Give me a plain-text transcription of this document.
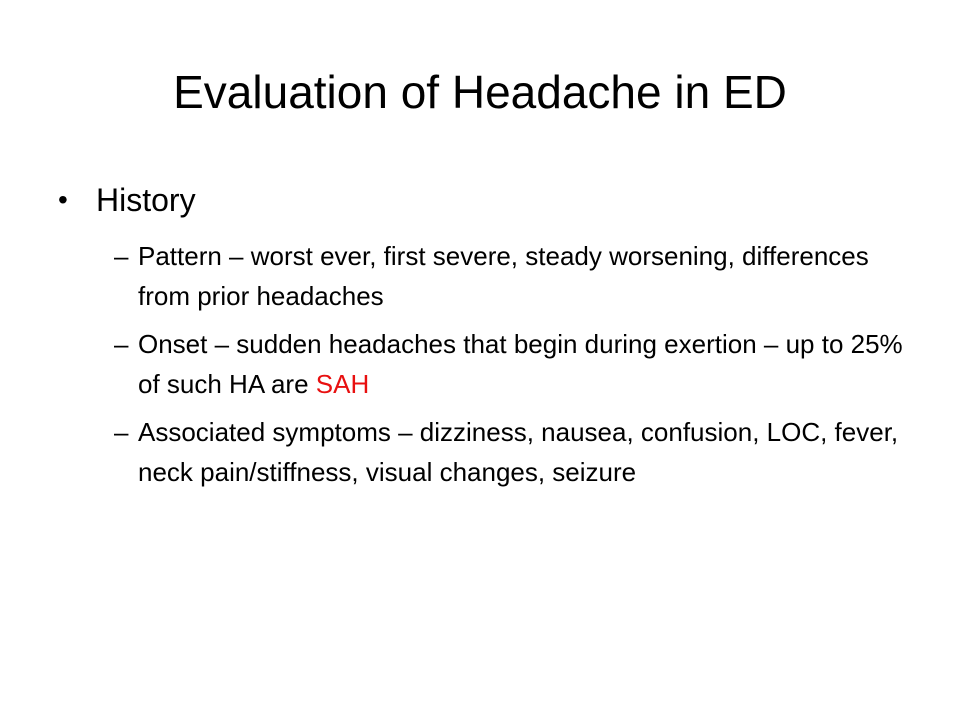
Evaluation of Headache in ED
• History
– Pattern – worst ever, first severe, steady worsening, differences from prior headaches
– Onset – sudden headaches that begin during exertion – up to 25% of such HA are SAH
– Associated symptoms – dizziness, nausea, confusion, LOC, fever, neck pain/stiffness, visual changes, seizure
